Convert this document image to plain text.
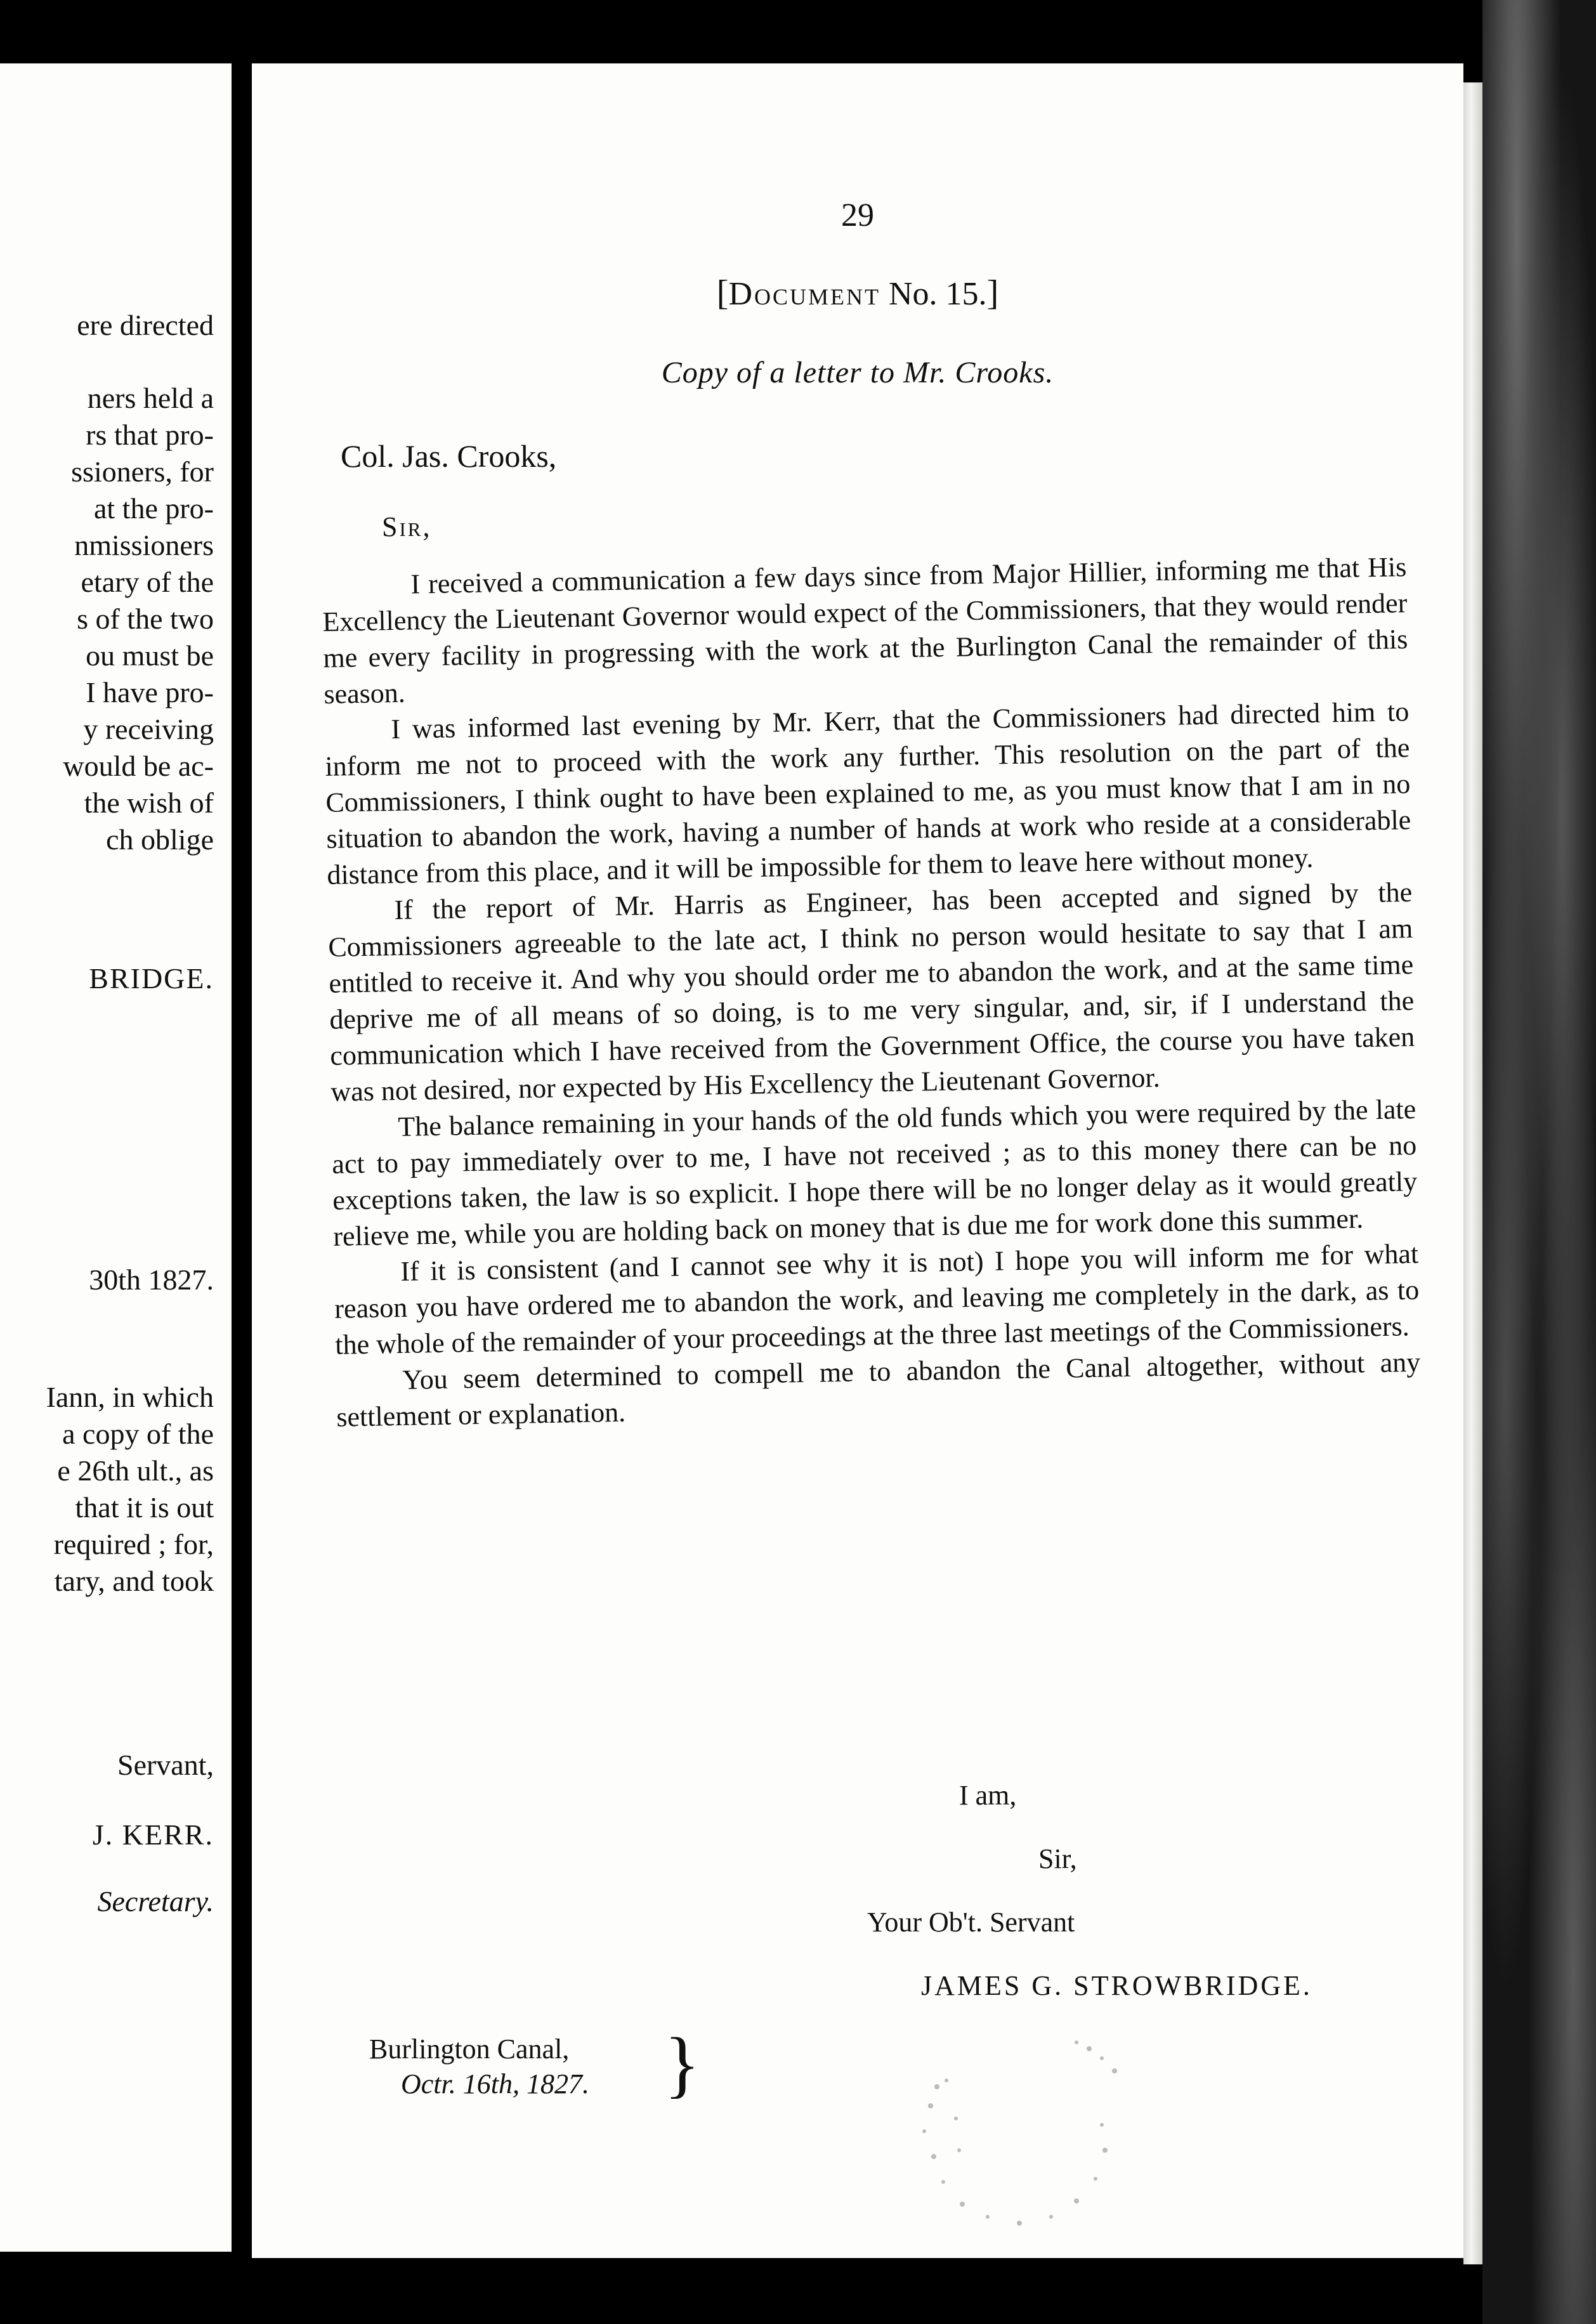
ere directed
ners held a
rs that pro-
ssioners, for
at the pro-
nmissioners
etary of the
s of the two
ou must be
I have pro-
y receiving
would be ac-
the wish of
ch oblige
BRIDGE.
30th 1827.
Iann, in which
a copy of the
e 26th ult., as
that it is out
required ; for,
tary, and took
Servant,
J. KERR.
Secretary.
29
[Document No. 15.]
Copy of a letter to Mr. Crooks.
Col. Jas. Crooks,
Sir,

I received a communication a few days since from Major Hillier, informing me that His Excellency the Lieutenant Governor would expect of the Commissioners, that they would render me every facility in progressing with the work at the Burlington Canal the remainder of this season.

I was informed last evening by Mr. Kerr, that the Commissioners had directed him to inform me not to proceed with the work any further. This resolution on the part of the Commissioners, I think ought to have been explained to me, as you must know that I am in no situation to abandon the work, having a number of hands at work who reside at a considerable distance from this place, and it will be impossible for them to leave here without money.

If the report of Mr. Harris as Engineer, has been accepted and signed by the Commissioners agreeable to the late act, I think no person would hesitate to say that I am entitled to receive it. And why you should order me to abandon the work, and at the same time deprive me of all means of so doing, is to me very singular, and, sir, if I understand the communication which I have received from the Government Office, the course you have taken was not desired, nor expected by His Excellency the Lieutenant Governor.

The balance remaining in your hands of the old funds which you were required by the late act to pay immediately over to me, I have not received ; as to this money there can be no exceptions taken, the law is so explicit. I hope there will be no longer delay as it would greatly relieve me, while you are holding back on money that is due me for work done this summer.

If it is consistent (and I cannot see why it is not) I hope you will inform me for what reason you have ordered me to abandon the work, and leaving me completely in the dark, as to the whole of the remainder of your proceedings at the three last meetings of the Commissioners.

You seem determined to compell me to abandon the Canal altogether, without any settlement or explanation.

I am,
Sir,
Your Ob't. Servant
JAMES G. STROWBRIDGE.
Burlington Canal,
Octr. 16th, 1827. }
